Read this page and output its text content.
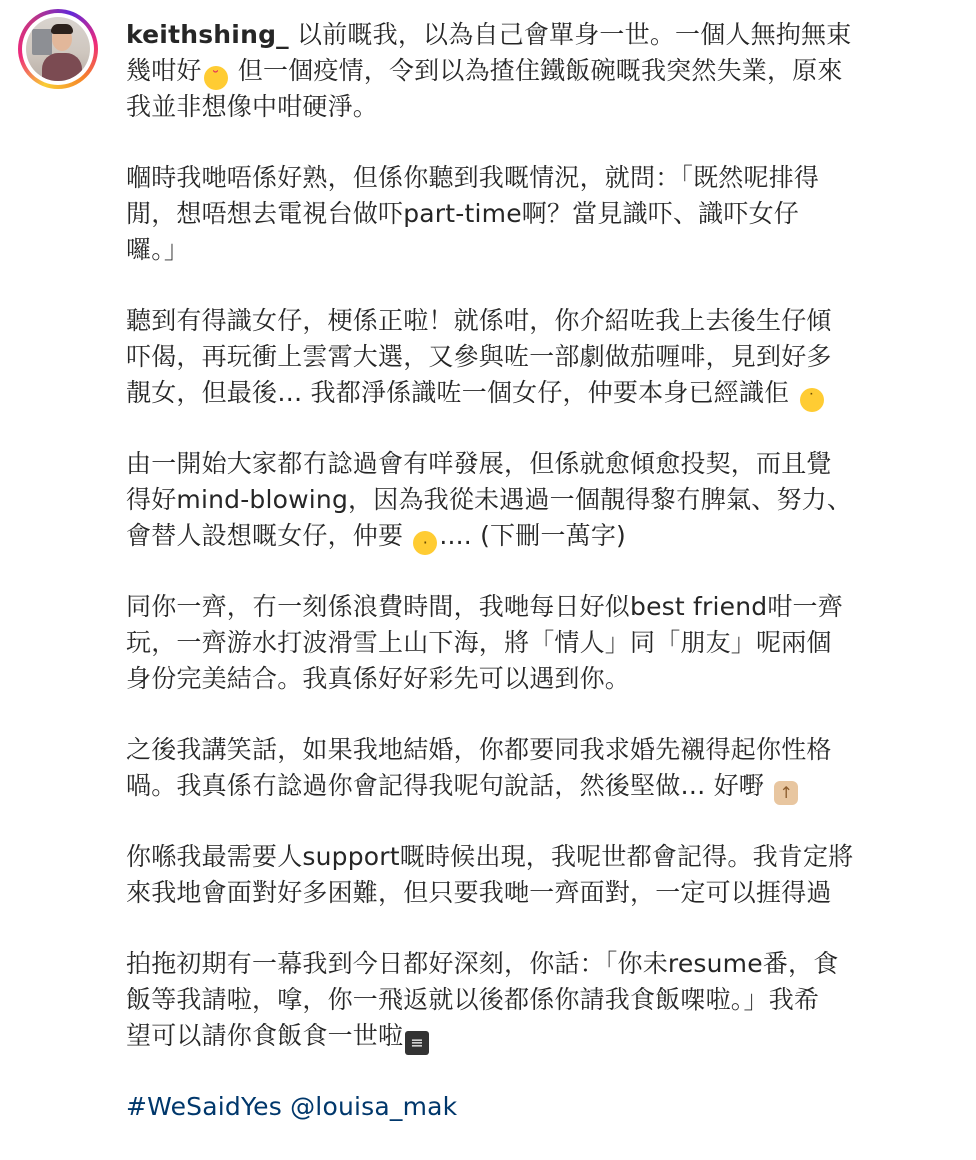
keithshing_ 以前嘅我，以為自己會單身一世。一個人無拘無束
幾咁好 ˘ 但一個疫情，令到以為揸住鐵飯碗嘅我突然失業，原來
我並非想像中咁硬淨。
嗰時我哋唔係好熟，但係你聽到我嘅情況，就問：「既然呢排得
閒，想唔想去電視台做吓part-time啊？當見識吓、識吓女仔
囉。」
聽到有得識女仔，梗係正啦！就係咁，你介紹咗我上去後生仔傾
吓偈，再玩衝上雲霄大選，又參與咗一部劇做茄喱啡，見到好多
靚女，但最後… 我都淨係識咗一個女仔，仲要本身已經識佢 ˙
由一開始大家都冇諗過會有咩發展，但係就愈傾愈投契，而且覺
得好mind-blowing，因為我從未遇過一個靚得黎冇脾氣、努力、
會替人設想嘅女仔，仲要 · .... (下刪一萬字)
同你一齊，冇一刻係浪費時間，我哋每日好似best friend咁一齊
玩，一齊游水打波滑雪上山下海，將「情人」同「朋友」呢兩個
身份完美結合。我真係好好彩先可以遇到你。
之後我講笑話，如果我地結婚，你都要同我求婚先襯得起你性格
喎。我真係冇諗過你會記得我呢句說話，然後堅做… 好嘢 ↑
你喺我最需要人support嘅時候出現，我呢世都會記得。我肯定將
來我地會面對好多困難，但只要我哋一齊面對，一定可以捱得過
拍拖初期有一幕我到今日都好深刻，你話：「你未resume番，食
飯等我請啦，嗱，你一飛返就以後都係你請我食飯㗎啦。」我希
望可以請你食飯食一世啦 ≡
#WeSaidYes @louisa_mak
